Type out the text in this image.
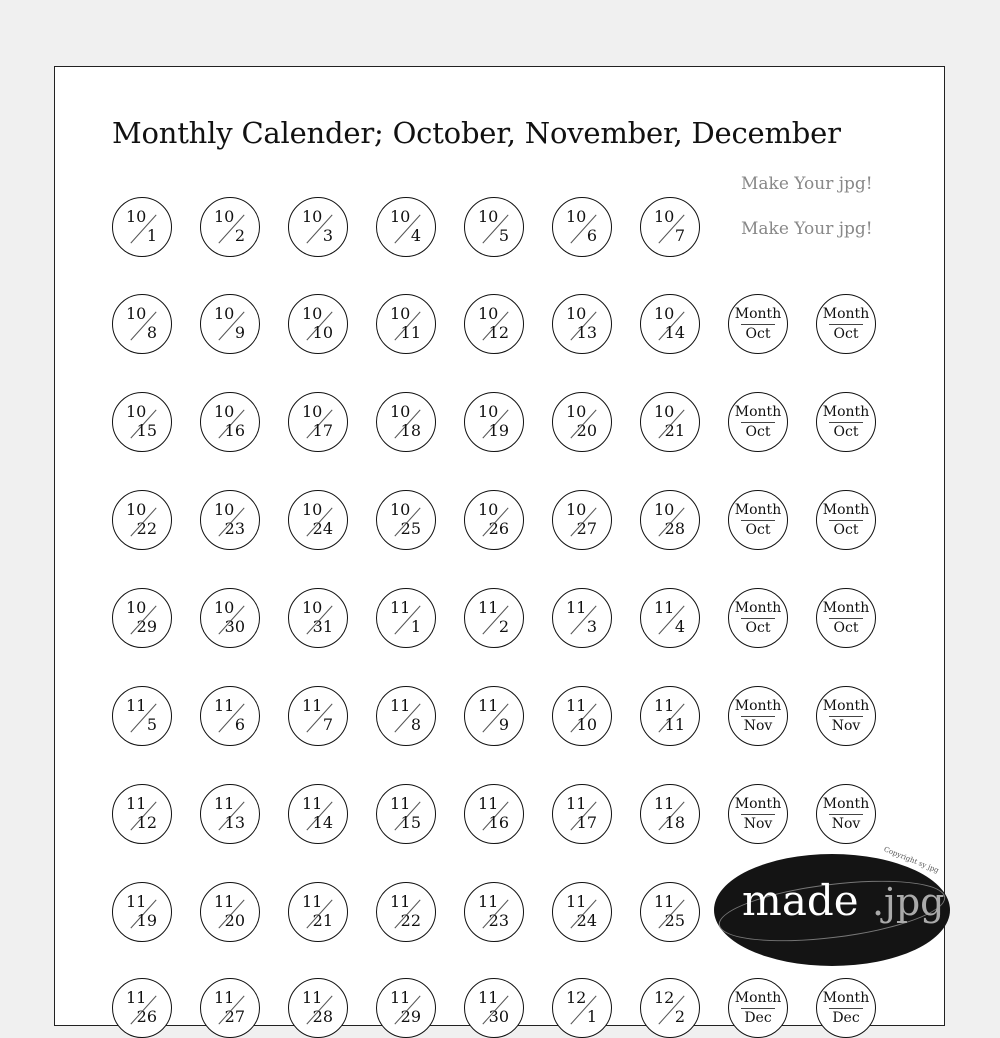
Monthly Calender; October, November, December
Make Your jpg!
Make Your jpg!
10
1
10
2
10
3
10
4
10
5
10
6
10
7
10
8
10
9
10
10
10
11
10
12
10
13
10
14
Month
Oct
Month
Oct
10
15
10
16
10
17
10
18
10
19
10
20
10
21
Month
Oct
Month
Oct
10
22
10
23
10
24
10
25
10
26
10
27
10
28
Month
Oct
Month
Oct
10
29
10
30
10
31
11
1
11
2
11
3
11
4
Month
Oct
Month
Oct
11
5
11
6
11
7
11
8
11
9
11
10
11
11
Month
Nov
Month
Nov
11
12
11
13
11
14
11
15
11
16
11
17
11
18
Month
Nov
Month
Nov
11
19
11
20
11
21
11
22
11
23
11
24
11
25
11
26
11
27
11
28
11
29
11
30
12
1
12
2
Month
Dec
Month
Dec
made .jpg
Copyright sy jpg
